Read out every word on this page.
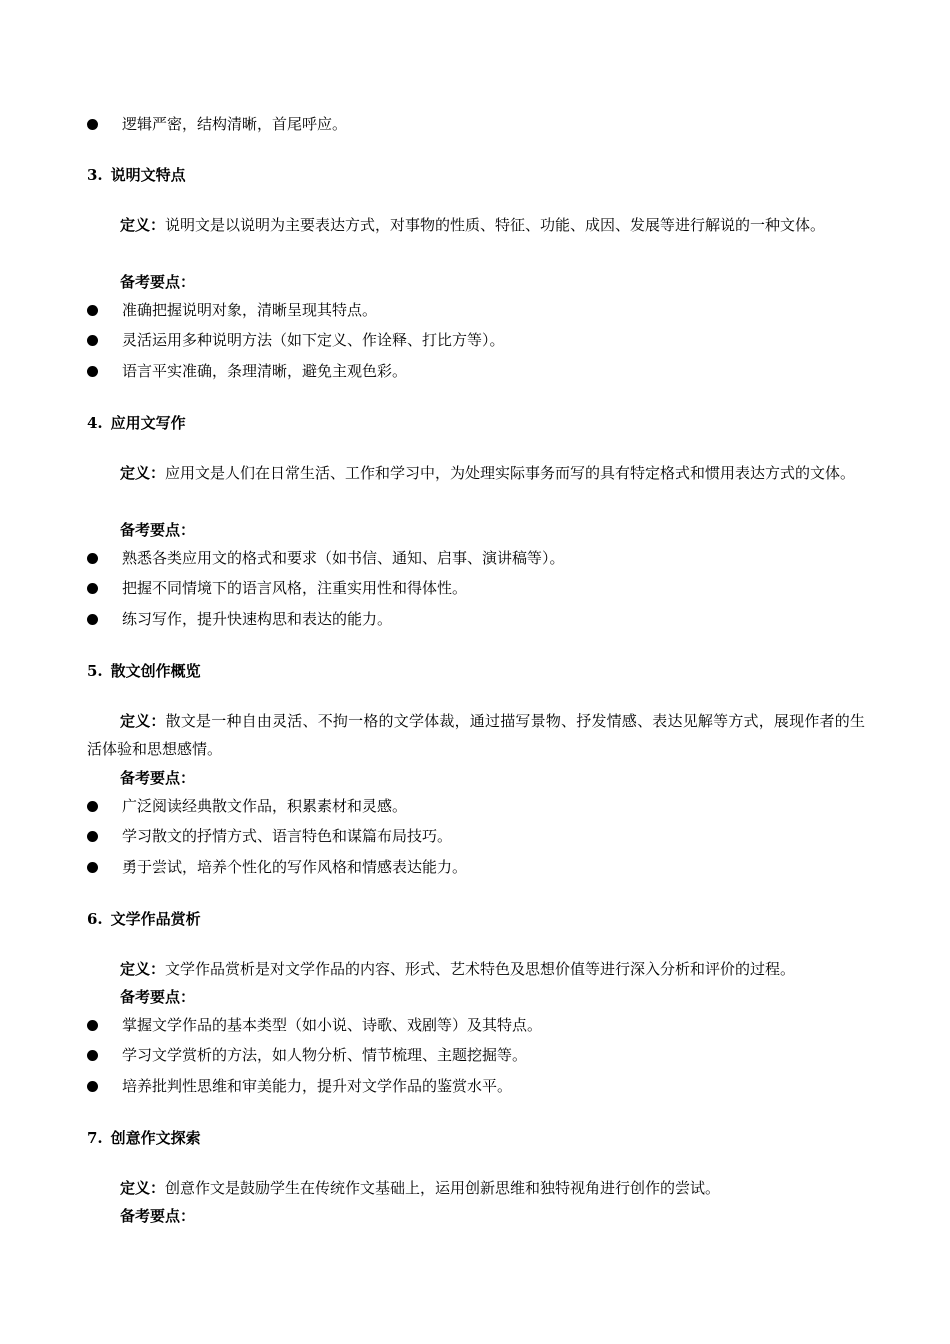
逻辑严密，结构清晰，首尾呼应。
3. 说明文特点
定义：说明文是以说明为主要表达方式，对事物的性质、特征、功能、成因、发展等进行解说的一种文体。
备考要点：
准确把握说明对象，清晰呈现其特点。
灵活运用多种说明方法（如下定义、作诠释、打比方等）。
语言平实准确，条理清晰，避免主观色彩。
4. 应用文写作
定义：应用文是人们在日常生活、工作和学习中，为处理实际事务而写的具有特定格式和惯用表达方式的文体。
备考要点：
熟悉各类应用文的格式和要求（如书信、通知、启事、演讲稿等）。
把握不同情境下的语言风格，注重实用性和得体性。
练习写作，提升快速构思和表达的能力。
5. 散文创作概览
定义：散文是一种自由灵活、不拘一格的文学体裁，通过描写景物、抒发情感、表达见解等方式，展现作者的生活体验和思想感情。
备考要点：
广泛阅读经典散文作品，积累素材和灵感。
学习散文的抒情方式、语言特色和谋篇布局技巧。
勇于尝试，培养个性化的写作风格和情感表达能力。
6. 文学作品赏析
定义：文学作品赏析是对文学作品的内容、形式、艺术特色及思想价值等进行深入分析和评价的过程。
备考要点：
掌握文学作品的基本类型（如小说、诗歌、戏剧等）及其特点。
学习文学赏析的方法，如人物分析、情节梳理、主题挖掘等。
培养批判性思维和审美能力，提升对文学作品的鉴赏水平。
7. 创意作文探索
定义：创意作文是鼓励学生在传统作文基础上，运用创新思维和独特视角进行创作的尝试。
备考要点：
